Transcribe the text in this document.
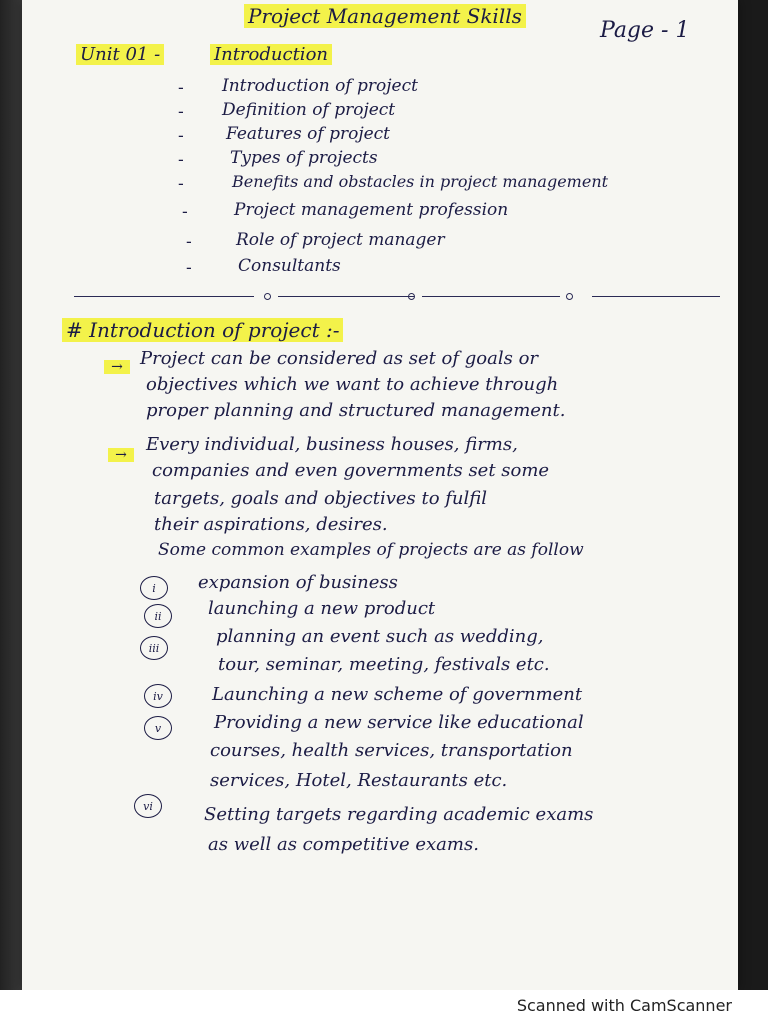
Project Management Skills
Page - 1
Unit 01 -	Introduction
- Introduction of project
- Definition of project
- Features of project
-	Types of projects
-	Benefits and obstacles in project management
-	Project management profession
-	Role of project manager
-	Consultants
# Introduction of project :-
→ Project can be considered as set of goals or
objectives which we want to achieve through
proper planning and structured management.
→	Every individual, business houses, firms,
companies and even governments set some
targets, goals and objectives to fulfil
their aspirations, desires.
Some common examples of projects are as follow
i	expansion of business
ii	launching a new product
iii
planning an event such as wedding,
tour, seminar, meeting, festivals etc.
iv	Launching a new scheme of government
v	Providing a new service like educational
courses, health services, transportation
services, Hotel, Restaurants etc.
vi	Setting targets regarding academic exams
as well as competitive exams.
Scanned with CamScanner
